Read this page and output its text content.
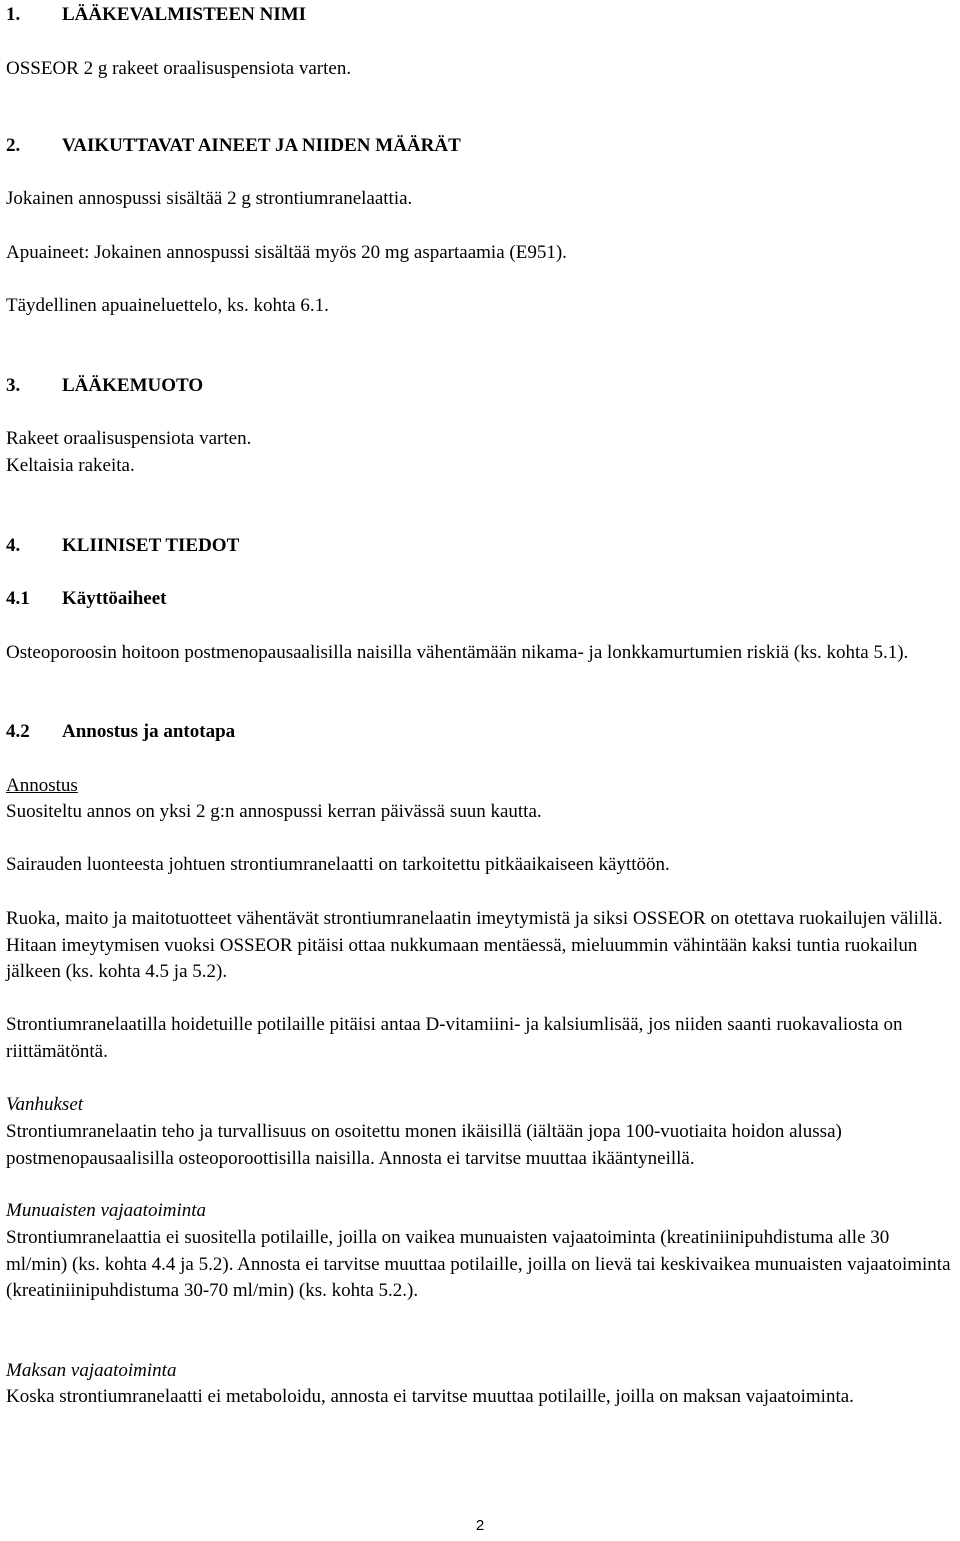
1. LÄÄKEVALMISTEEN NIMI

OSSEOR 2 g rakeet oraalisuspensiota varten.

2. VAIKUTTAVAT AINEET JA NIIDEN MÄÄRÄT

Jokainen annospussi sisältää 2 g strontiumranelaattia.

Apuaineet: Jokainen annospussi sisältää myös 20 mg aspartaamia (E951).

Täydellinen apuaineluettelo, ks. kohta 6.1.

3. LÄÄKEMUOTO

Rakeet oraalisuspensiota varten.

Keltaisia rakeita.

4. KLIINISET TIEDOT
4.1 Käyttöaiheet

Osteoporoosin hoitoon postmenopausaalisilla naisilla vähentämään nikama- ja lonkkamurtumien riskiä (ks. kohta 5.1).

4.2 Annostus ja antotapa

Annostus

Suositeltu annos on yksi 2 g:n annospussi kerran päivässä suun kautta.

Sairauden luonteesta johtuen strontiumranelaatti on tarkoitettu pitkäaikaiseen käyttöön.

Ruoka, maito ja maitotuotteet vähentävät strontiumranelaatin imeytymistä ja siksi OSSEOR on otettava ruokailujen välillä. Hitaan imeytymisen vuoksi OSSEOR pitäisi ottaa nukkumaan mentäessä, mieluummin vähintään kaksi tuntia ruokailun jälkeen (ks. kohta 4.5 ja 5.2).

Strontiumranelaatilla hoidetuille potilaille pitäisi antaa D-vitamiini- ja kalsiumlisää, jos niiden saanti ruokavaliosta on riittämätöntä.

Vanhukset

Strontiumranelaatin teho ja turvallisuus on osoitettu monen ikäisillä (iältään jopa 100-vuotiaita hoidon alussa) postmenopausaalisilla osteoporoottisilla naisilla. Annosta ei tarvitse muuttaa ikääntyneillä.

Munuaisten vajaatoiminta

Strontiumranelaattia ei suositella potilaille, joilla on vaikea munuaisten vajaatoiminta (kreatiniinipuhdistuma alle 30 ml/min) (ks. kohta 4.4 ja 5.2). Annosta ei tarvitse muuttaa potilaille, joilla on lievä tai keskivaikea munuaisten vajaatoiminta (kreatiniinipuhdistuma 30-70 ml/min) (ks. kohta 5.2.).

Maksan vajaatoiminta

Koska strontiumranelaatti ei metaboloidu, annosta ei tarvitse muuttaa potilaille, joilla on maksan vajaatoiminta.

2
